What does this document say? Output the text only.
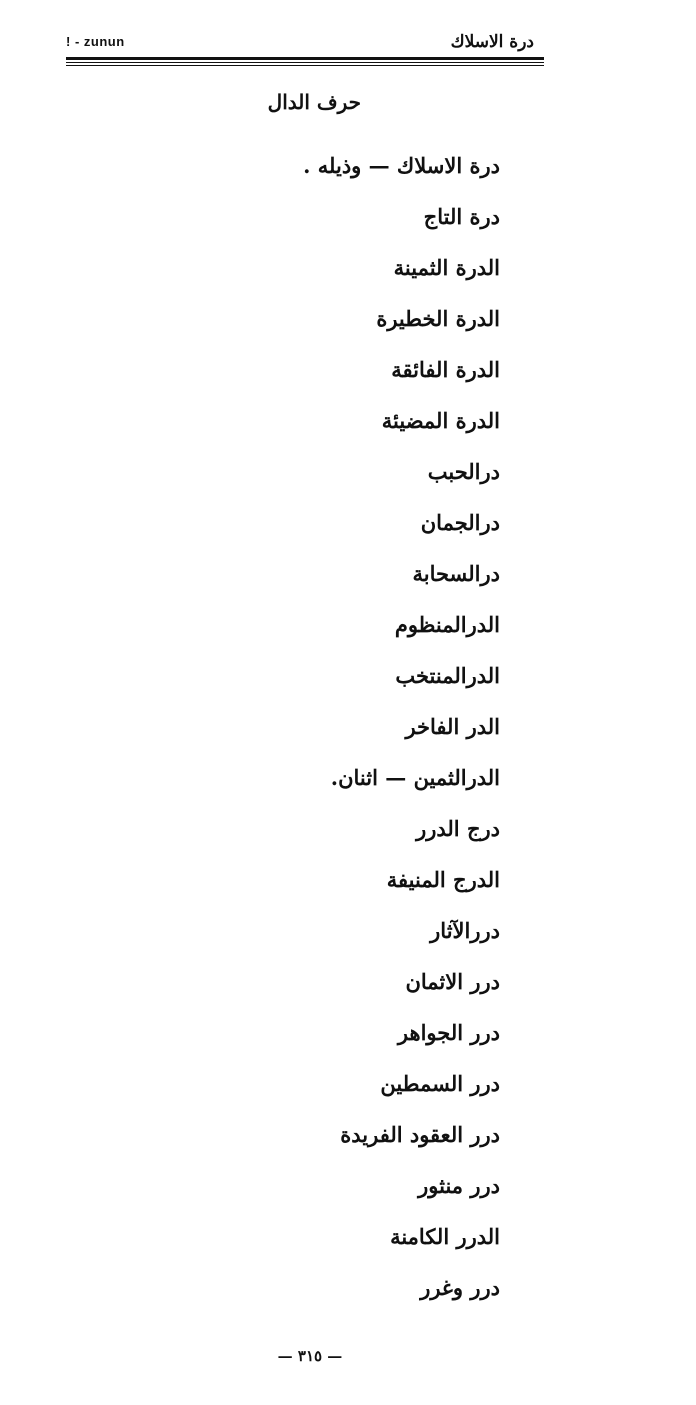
! - zunun	درة الاسلاك
حرف الدال
درة الاسلاك — وذيله .
درة التاج
الدرة الثمينة
الدرة الخطيرة
الدرة الفائقة
الدرة المضيئة
درالحبب
درالجمان
درالسحابة
الدرالمنظوم
الدرالمنتخب
الدر الفاخر
الدرالثمين — اثنان.
درج الدرر
الدرج المنيفة
دررالآثار
درر الاثمان
درر الجواهر
درر السمطين
درر العقود الفريدة
درر منثور
الدرر الكامنة
درر وغرر
— ٣١٥ —
